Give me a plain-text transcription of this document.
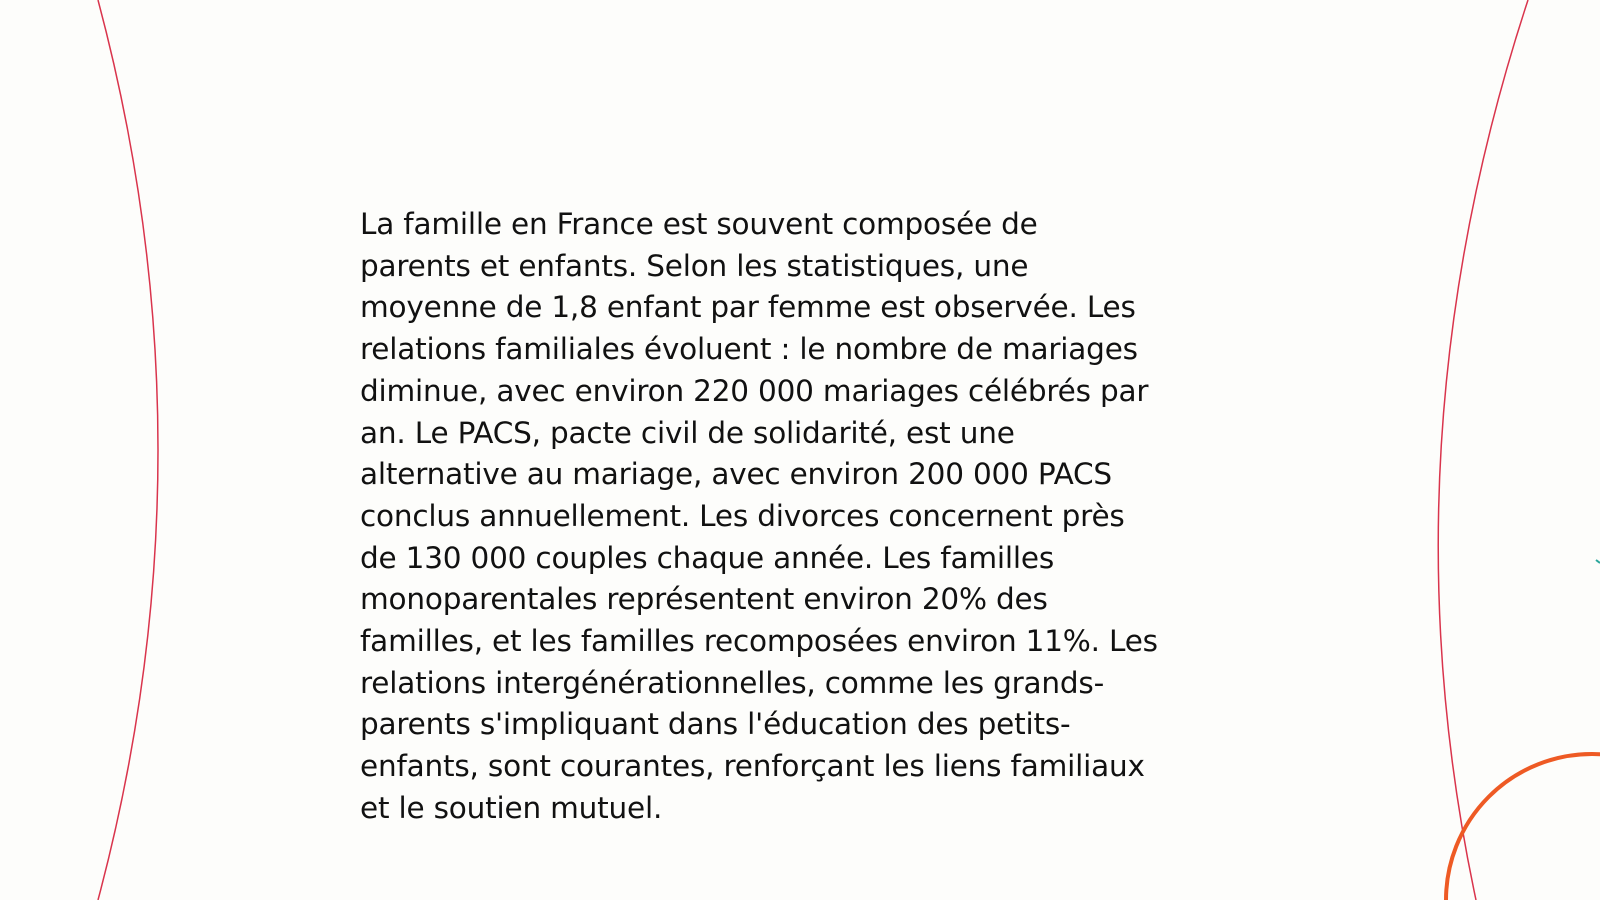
La famille en France est souvent composée de
parents et enfants. Selon les statistiques, une
moyenne de 1,8 enfant par femme est observée. Les
relations familiales évoluent : le nombre de mariages
diminue, avec environ 220 000 mariages célébrés par
an. Le PACS, pacte civil de solidarité, est une
alternative au mariage, avec environ 200 000 PACS
conclus annuellement. Les divorces concernent près
de 130 000 couples chaque année. Les familles
monoparentales représentent environ 20% des
familles, et les familles recomposées environ 11%. Les
relations intergénérationnelles, comme les grands-
parents s'impliquant dans l'éducation des petits-
enfants, sont courantes, renforçant les liens familiaux
et le soutien mutuel.
